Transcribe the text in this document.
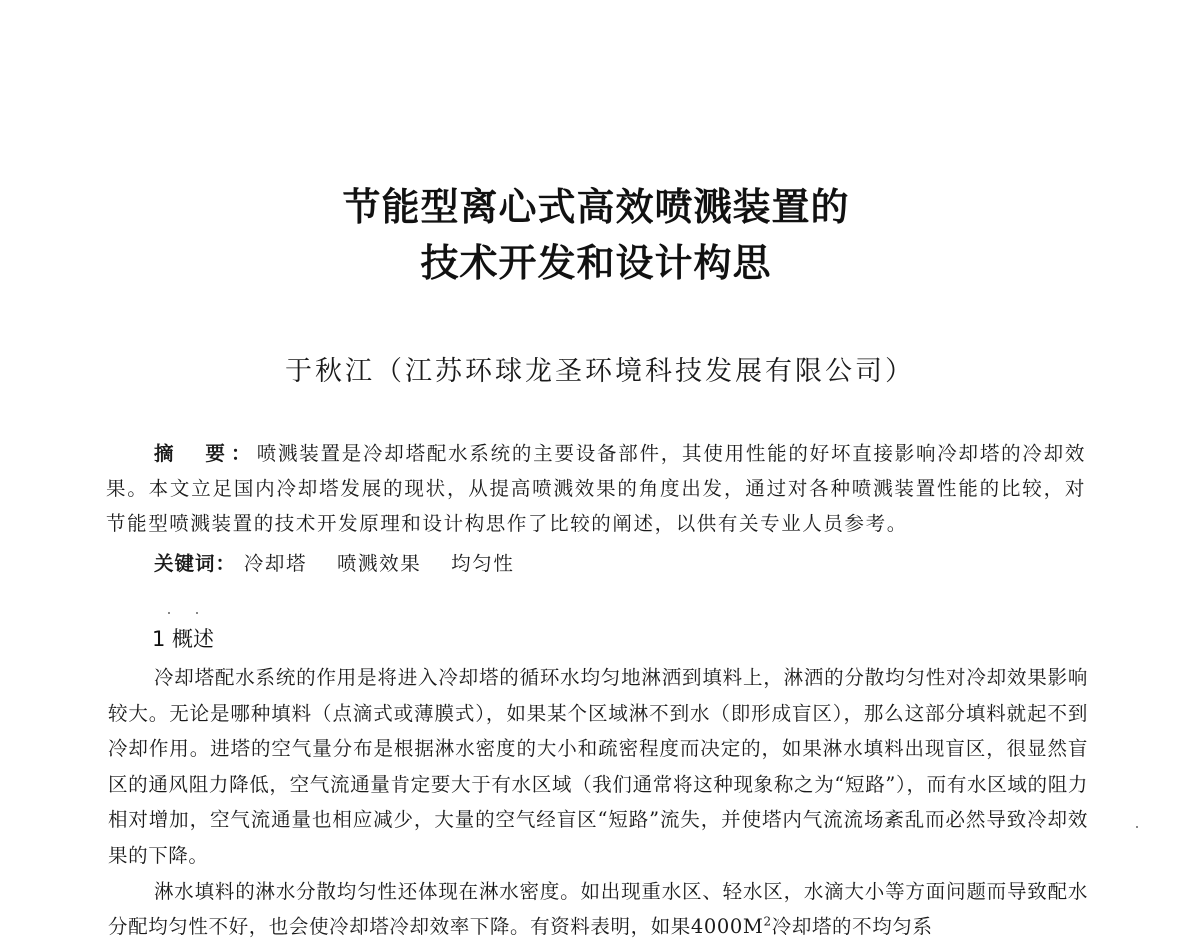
节能型离心式高效喷溅装置的
技术开发和设计构思
于秋江（江苏环球龙圣环境科技发展有限公司）

摘　要：喷溅装置是冷却塔配水系统的主要设备部件，其使用性能的好坏直接影响冷却塔的冷却效果。本文立足国内冷却塔发展的现状，从提高喷溅效果的角度出发，通过对各种喷溅装置性能的比较，对节能型喷溅装置的技术开发原理和设计构思作了比较的阐述，以供有关专业人员参考。

关键词： 冷却塔 喷溅效果 均匀性
1 概述

冷却塔配水系统的作用是将进入冷却塔的循环水均匀地淋洒到填料上，淋洒的分散均匀性对冷却效果影响较大。无论是哪种填料（点滴式或薄膜式），如果某个区域淋不到水（即形成盲区），那么这部分填料就起不到冷却作用。进塔的空气量分布是根据淋水密度的大小和疏密程度而决定的，如果淋水填料出现盲区，很显然盲区的通风阻力降低，空气流通量肯定要大于有水区域（我们通常将这种现象称之为“短路”），而有水区域的阻力相对增加，空气流通量也相应减少，大量的空气经盲区“短路”流失，并使塔内气流流场紊乱而必然导致冷却效果的下降。

淋水填料的淋水分散均匀性还体现在淋水密度。如出现重水区、轻水区，水滴大小等方面问题而导致配水分配均匀性不好，也会使冷却塔冷却效率下降。有资料表明，如果$4000M^2$冷却塔的不均匀系
